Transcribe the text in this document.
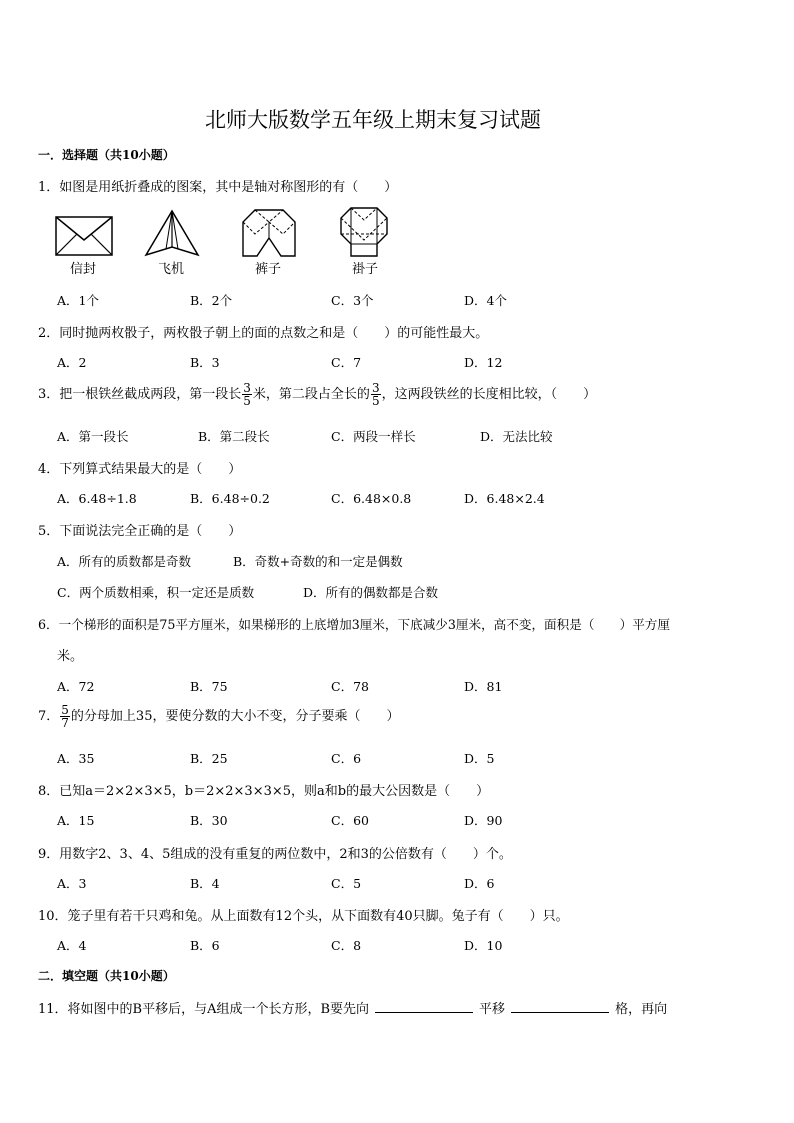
北师大版数学五年级上期末复习试题
一．选择题（共10小题）
1．如图是用纸折叠成的图案，其中是轴对称图形的有（　　）
信封	飞机	裤子	褂子
A．1个	B．2个	C．3个	D．4个
2．同时抛两枚骰子，两枚骰子朝上的面的点数之和是（　　）的可能性最大。
A．2	B．3	C．7	D．12
3．把一根铁丝截成两段，第一段长 $\frac{3}{5}$ 米，第二段占全长的 $\frac{3}{5}$ ，这两段铁丝的长度相比较，（　　）
A．第一段长	B．第二段长	C．两段一样长	D．无法比较
4．下列算式结果最大的是（　　）
A．6.48÷1.8	B．6.48÷0.2	C．6.48×0.8	D．6.48×2.4
5．下面说法完全正确的是（　　）
A．所有的质数都是奇数	B．奇数+奇数的和一定是偶数
C．两个质数相乘，积一定还是质数	D．所有的偶数都是合数
6．一个梯形的面积是75平方厘米，如果梯形的上底增加3厘米，下底减少3厘米，高不变，面积是（　　）平方厘
米。
A．72	B．75	C．78	D．81
7． $\frac{5}{7}$ 的分母加上35，要使分数的大小不变，分子要乘（　　）
A．35	B．25	C．6	D．5
8．已知a＝2×2×3×5，b＝2×2×3×3×5，则a和b的最大公因数是（　　）
A．15	B．30	C．60	D．90
9．用数字2、3、4、5组成的没有重复的两位数中，2和3的公倍数有（　　）个。
A．3	B．4	C．5	D．6
10．笼子里有若干只鸡和兔。从上面数有12个头，从下面数有40只脚。兔子有（　　）只。
A．4	B．6	C．8	D．10
二．填空题（共10小题）
11．将如图中的B平移后，与A组成一个长方形，B要先向	平移	格，再向
